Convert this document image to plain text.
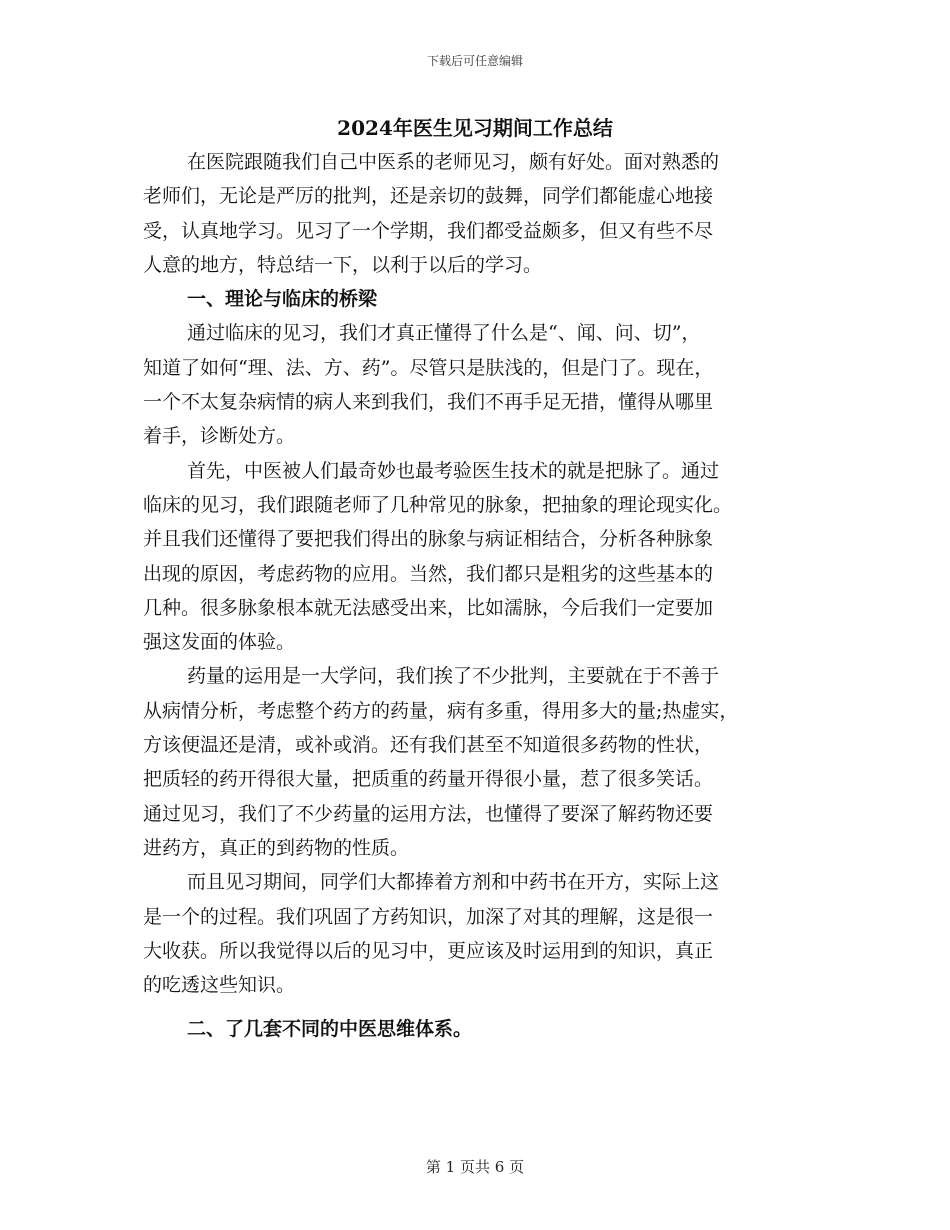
下载后可任意编辑
2024年医生见习期间工作总结
在医院跟随我们自己中医系的老师见习，颇有好处。面对熟悉的
老师们，无论是严厉的批判，还是亲切的鼓舞，同学们都能虚心地接
受，认真地学习。见习了一个学期，我们都受益颇多，但又有些不尽
人意的地方，特总结一下，以利于以后的学习。
一、理论与临床的桥梁
通过临床的见习，我们才真正懂得了什么是“、闻、问、切”，
知道了如何“理、法、方、药”。尽管只是肤浅的，但是门了。现在，
一个不太复杂病情的病人来到我们，我们不再手足无措，懂得从哪里
着手，诊断处方。
首先，中医被人们最奇妙也最考验医生技术的就是把脉了。通过
临床的见习，我们跟随老师了几种常见的脉象，把抽象的理论现实化。
并且我们还懂得了要把我们得出的脉象与病证相结合，分析各种脉象
出现的原因，考虑药物的应用。当然，我们都只是粗劣的这些基本的
几种。很多脉象根本就无法感受出来，比如濡脉，今后我们一定要加
强这发面的体验。
药量的运用是一大学问，我们挨了不少批判，主要就在于不善于
从病情分析，考虑整个药方的药量，病有多重，得用多大的量;热虚实，
方该便温还是清，或补或消。还有我们甚至不知道很多药物的性状，
把质轻的药开得很大量，把质重的药量开得很小量，惹了很多笑话。
通过见习，我们了不少药量的运用方法，也懂得了要深了解药物还要
进药方，真正的到药物的性质。
而且见习期间，同学们大都捧着方剂和中药书在开方，实际上这
是一个的过程。我们巩固了方药知识，加深了对其的理解，这是很一
大收获。所以我觉得以后的见习中，更应该及时运用到的知识，真正
的吃透这些知识。
二、了几套不同的中医思维体系。
第 1 页共 6 页
